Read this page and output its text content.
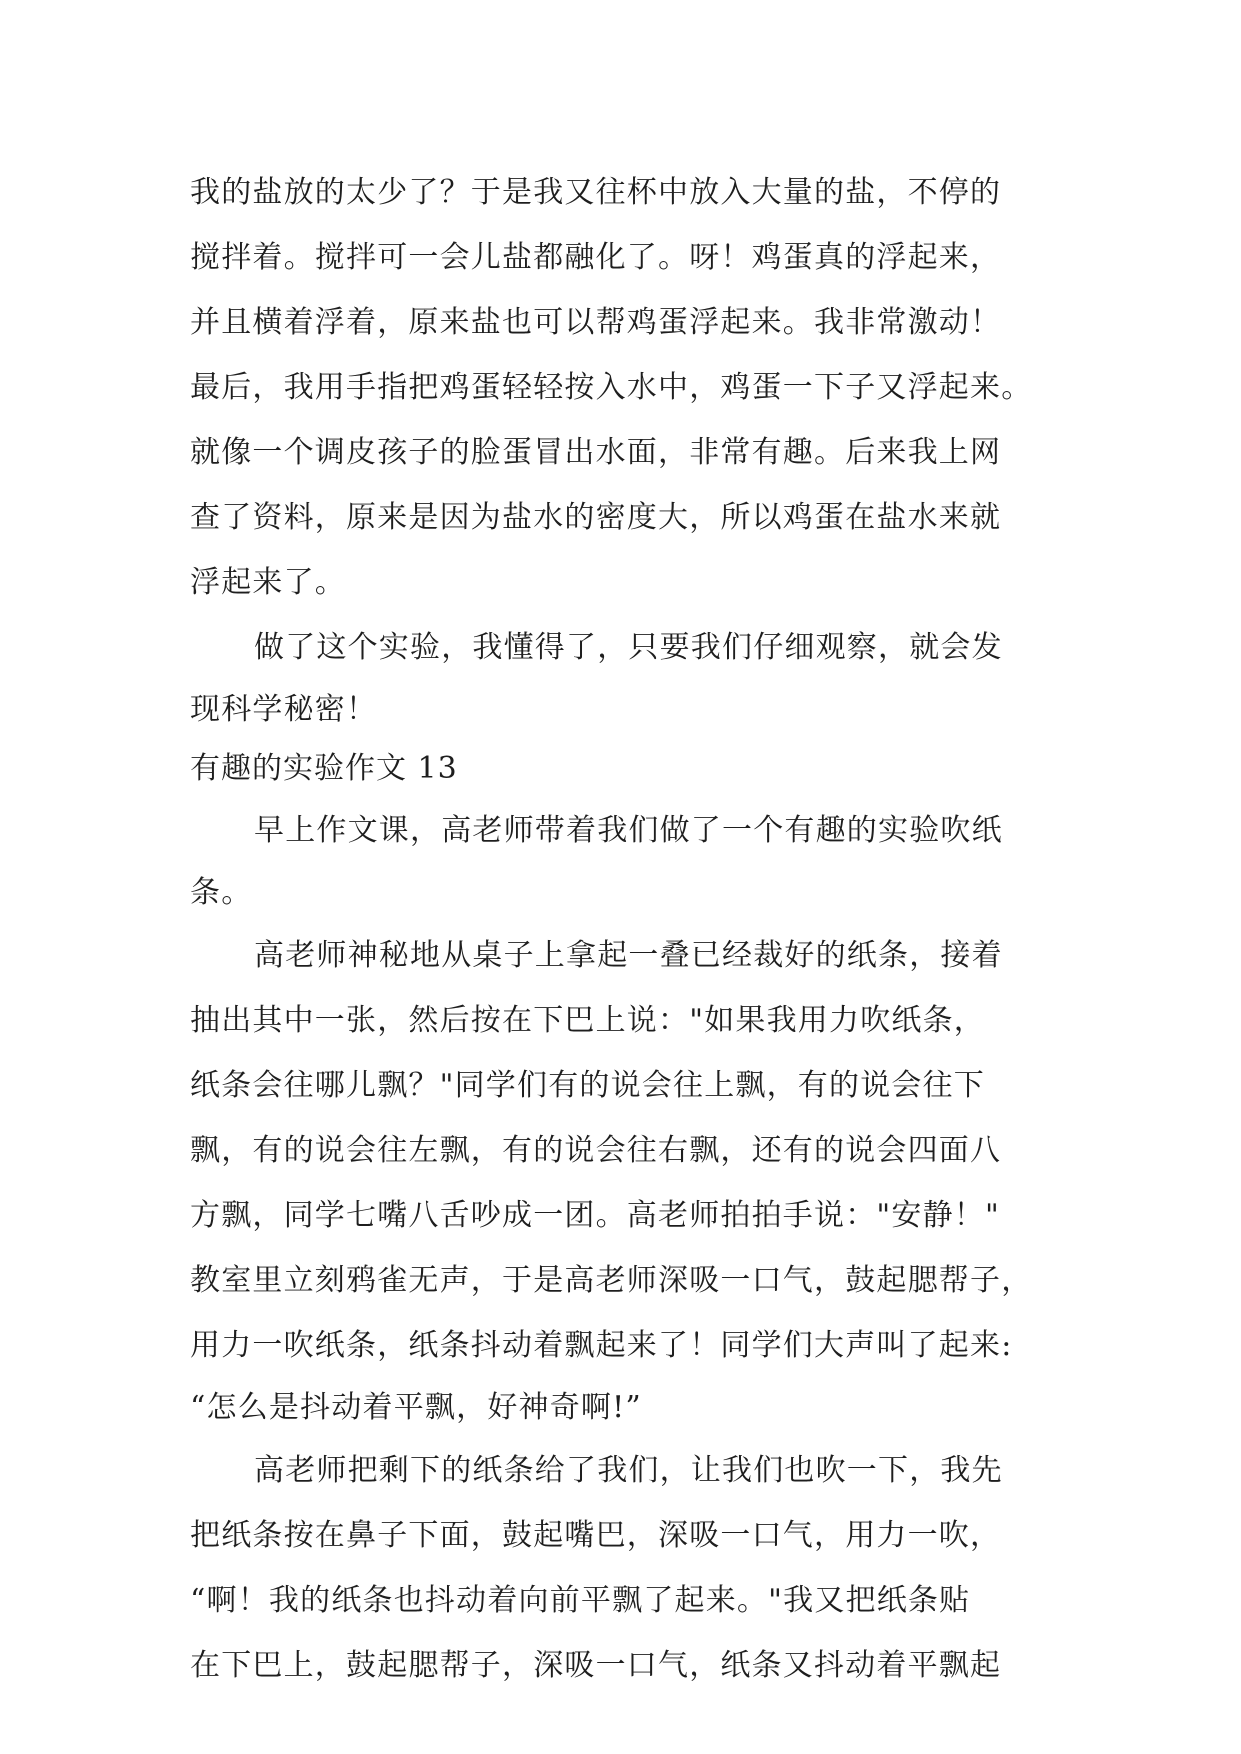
我的盐放的太少了？于是我又往杯中放入大量的盐，不停的
搅拌着。搅拌可一会儿盐都融化了。呀！鸡蛋真的浮起来，
并且横着浮着，原来盐也可以帮鸡蛋浮起来。我非常激动！
最后，我用手指把鸡蛋轻轻按入水中，鸡蛋一下子又浮起来。
就像一个调皮孩子的脸蛋冒出水面，非常有趣。后来我上网
查了资料，原来是因为盐水的密度大，所以鸡蛋在盐水来就
浮起来了。
做了这个实验，我懂得了，只要我们仔细观察，就会发
现科学秘密！
有趣的实验作文 13
早上作文课，高老师带着我们做了一个有趣的实验吹纸
条。
高老师神秘地从桌子上拿起一叠已经裁好的纸条，接着
抽出其中一张，然后按在下巴上说："如果我用力吹纸条，
纸条会往哪儿飘？"同学们有的说会往上飘，有的说会往下
飘，有的说会往左飘，有的说会往右飘，还有的说会四面八
方飘，同学七嘴八舌吵成一团。高老师拍拍手说："安静！"
教室里立刻鸦雀无声，于是高老师深吸一口气，鼓起腮帮子，
用力一吹纸条，纸条抖动着飘起来了！同学们大声叫了起来:
“怎么是抖动着平飘，好神奇啊!”
高老师把剩下的纸条给了我们，让我们也吹一下，我先
把纸条按在鼻子下面，鼓起嘴巴，深吸一口气，用力一吹，
“啊！我的纸条也抖动着向前平飘了起来。"我又把纸条贴
在下巴上，鼓起腮帮子，深吸一口气，纸条又抖动着平飘起
